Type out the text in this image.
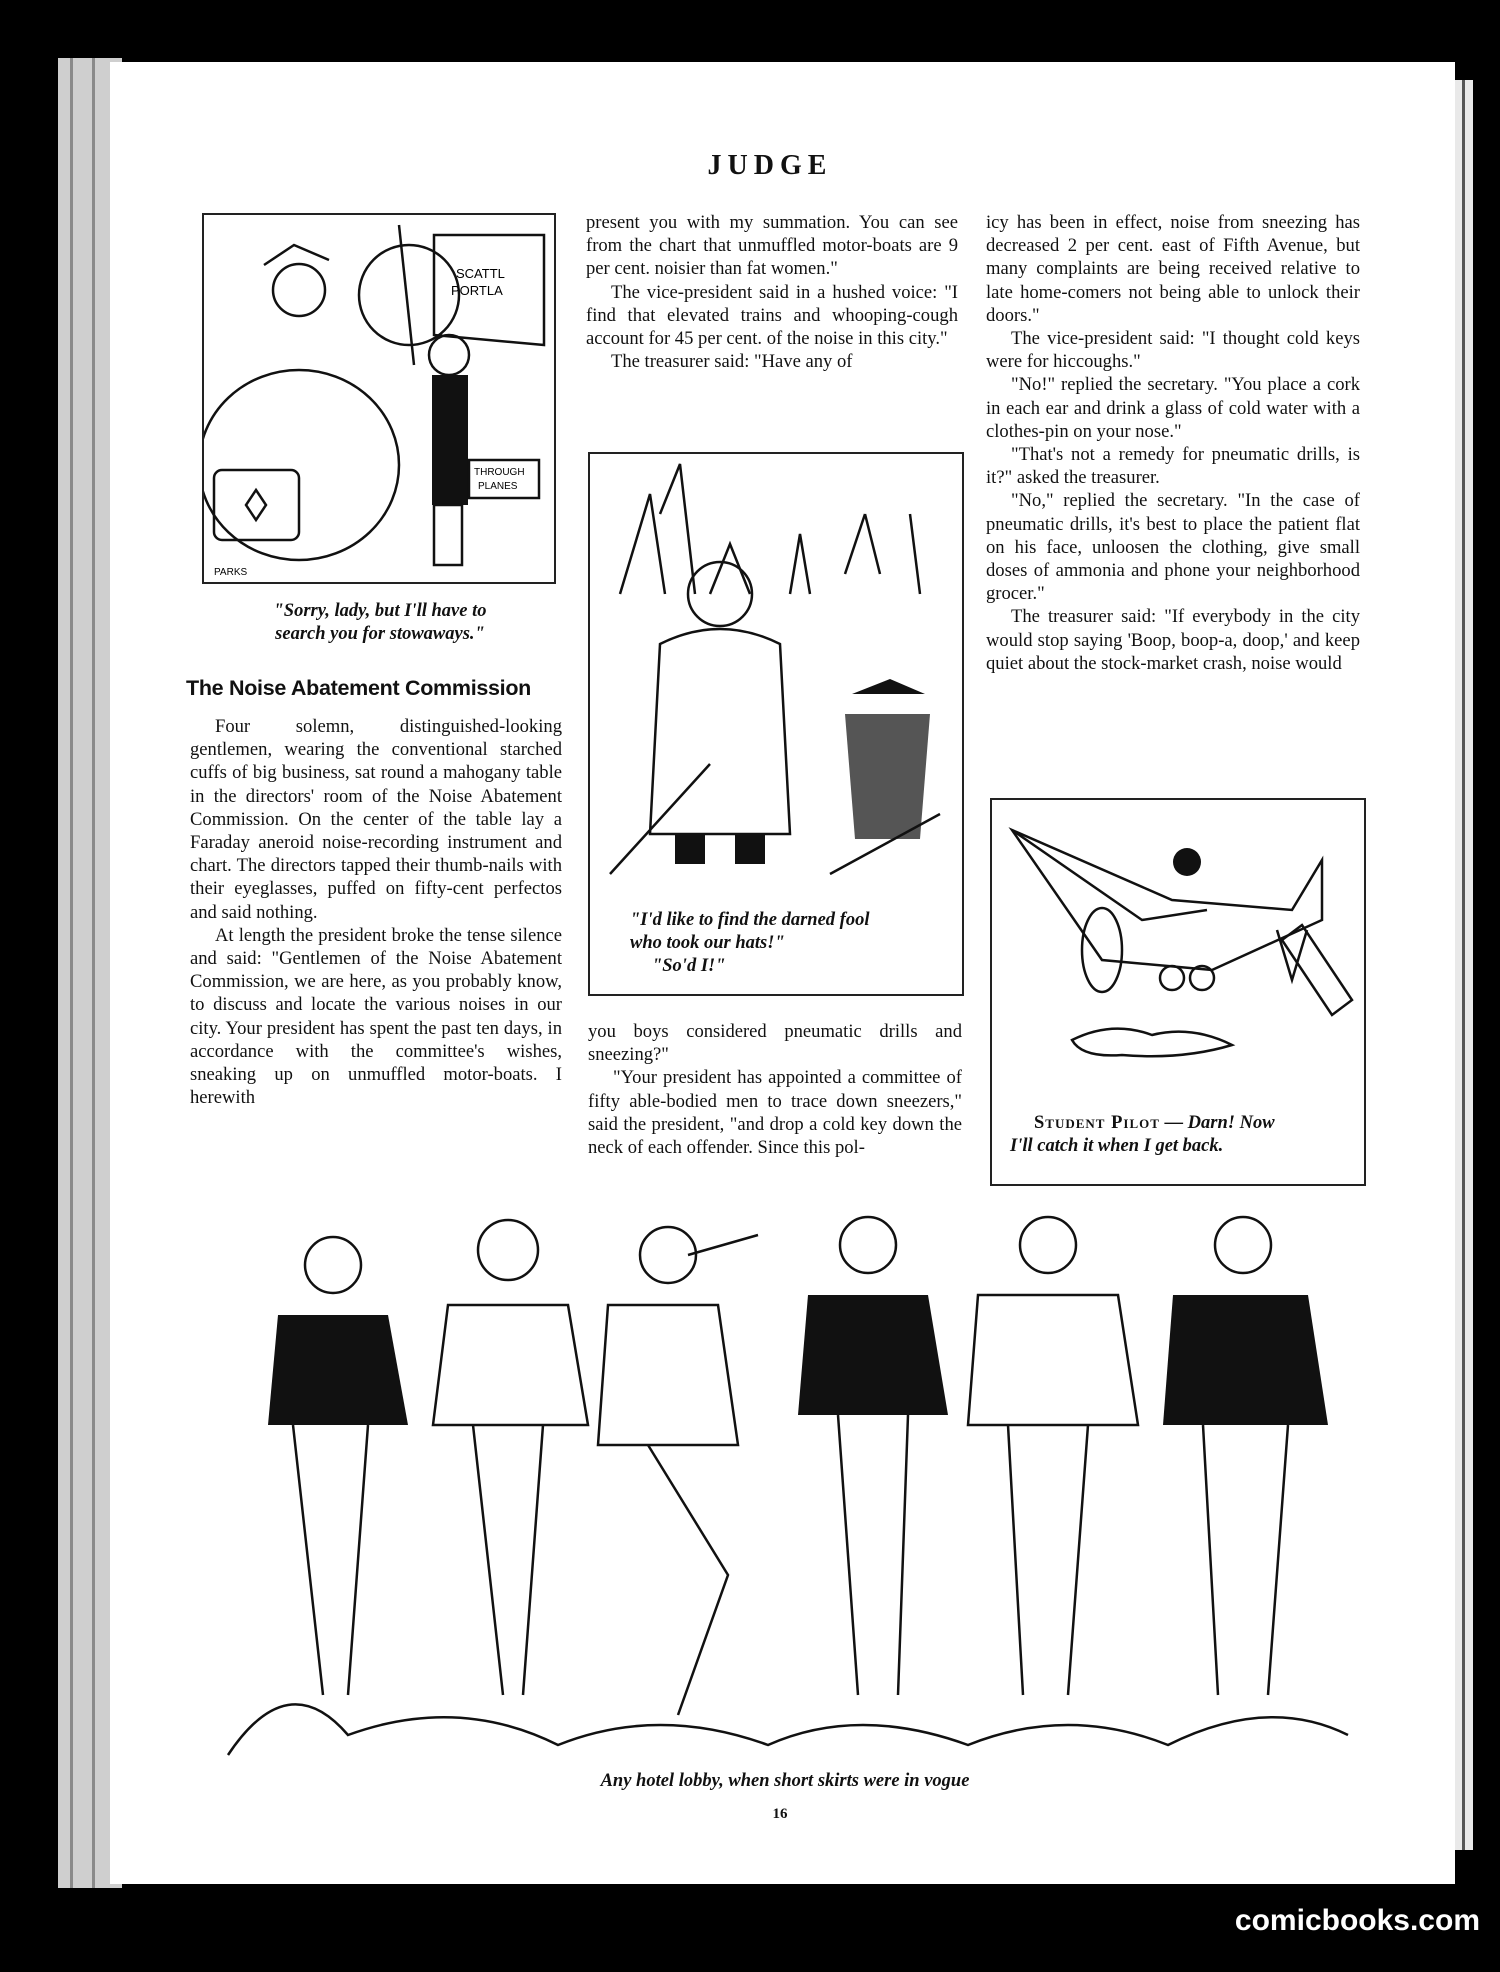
JUDGE
SCATTL
PORTLA
THROUGH
PLANES
PARKS
"Sorry, lady, but I'll have to
search you for stowaways."
The Noise Abatement Commission

Four solemn, distinguished-looking gentlemen, wearing the conventional starched cuffs of big business, sat round a mahogany table in the directors' room of the Noise Abatement Commission. On the center of the table lay a Faraday aneroid noise-recording instrument and chart. The directors tapped their thumb-nails with their eyeglasses, puffed on fifty-cent perfectos and said nothing.

At length the president broke the tense silence and said: "Gentlemen of the Noise Abatement Commission, we are here, as you probably know, to discuss and locate the various noises in our city. Your president has spent the past ten days, in accordance with the committee's wishes, sneaking up on unmuffled motor-boats. I herewith

present you with my summation. You can see from the chart that unmuffled motor-boats are 9 per cent. noisier than fat women."

The vice-president said in a hushed voice: "I find that elevated trains and whooping-cough account for 45 per cent. of the noise in this city."

The treasurer said: "Have any of

"I'd like to find the darned fool
who took our hats!"
"So'd I!"

you boys considered pneumatic drills and sneezing?"

"Your president has appointed a committee of fifty able-bodied men to trace down sneezers," said the president, "and drop a cold key down the neck of each offender. Since this pol-

icy has been in effect, noise from sneezing has decreased 2 per cent. east of Fifth Avenue, but many complaints are being received relative to late home-comers not being able to unlock their doors."

The vice-president said: "I thought cold keys were for hiccoughs."

"No!" replied the secretary. "You place a cork in each ear and drink a glass of cold water with a clothes-pin on your nose."

"That's not a remedy for pneumatic drills, is it?" asked the treasurer.

"No," replied the secretary. "In the case of pneumatic drills, it's best to place the patient flat on his face, unloosen the clothing, give small doses of ammonia and phone your neighborhood grocer."

The treasurer said: "If everybody in the city would stop saying 'Boop, boop-a, doop,' and keep quiet about the stock-market crash, noise would

Student Pilot — Darn! Now
I'll catch it when I get back.
Any hotel lobby, when short skirts were in vogue
16
comicbooks.com
